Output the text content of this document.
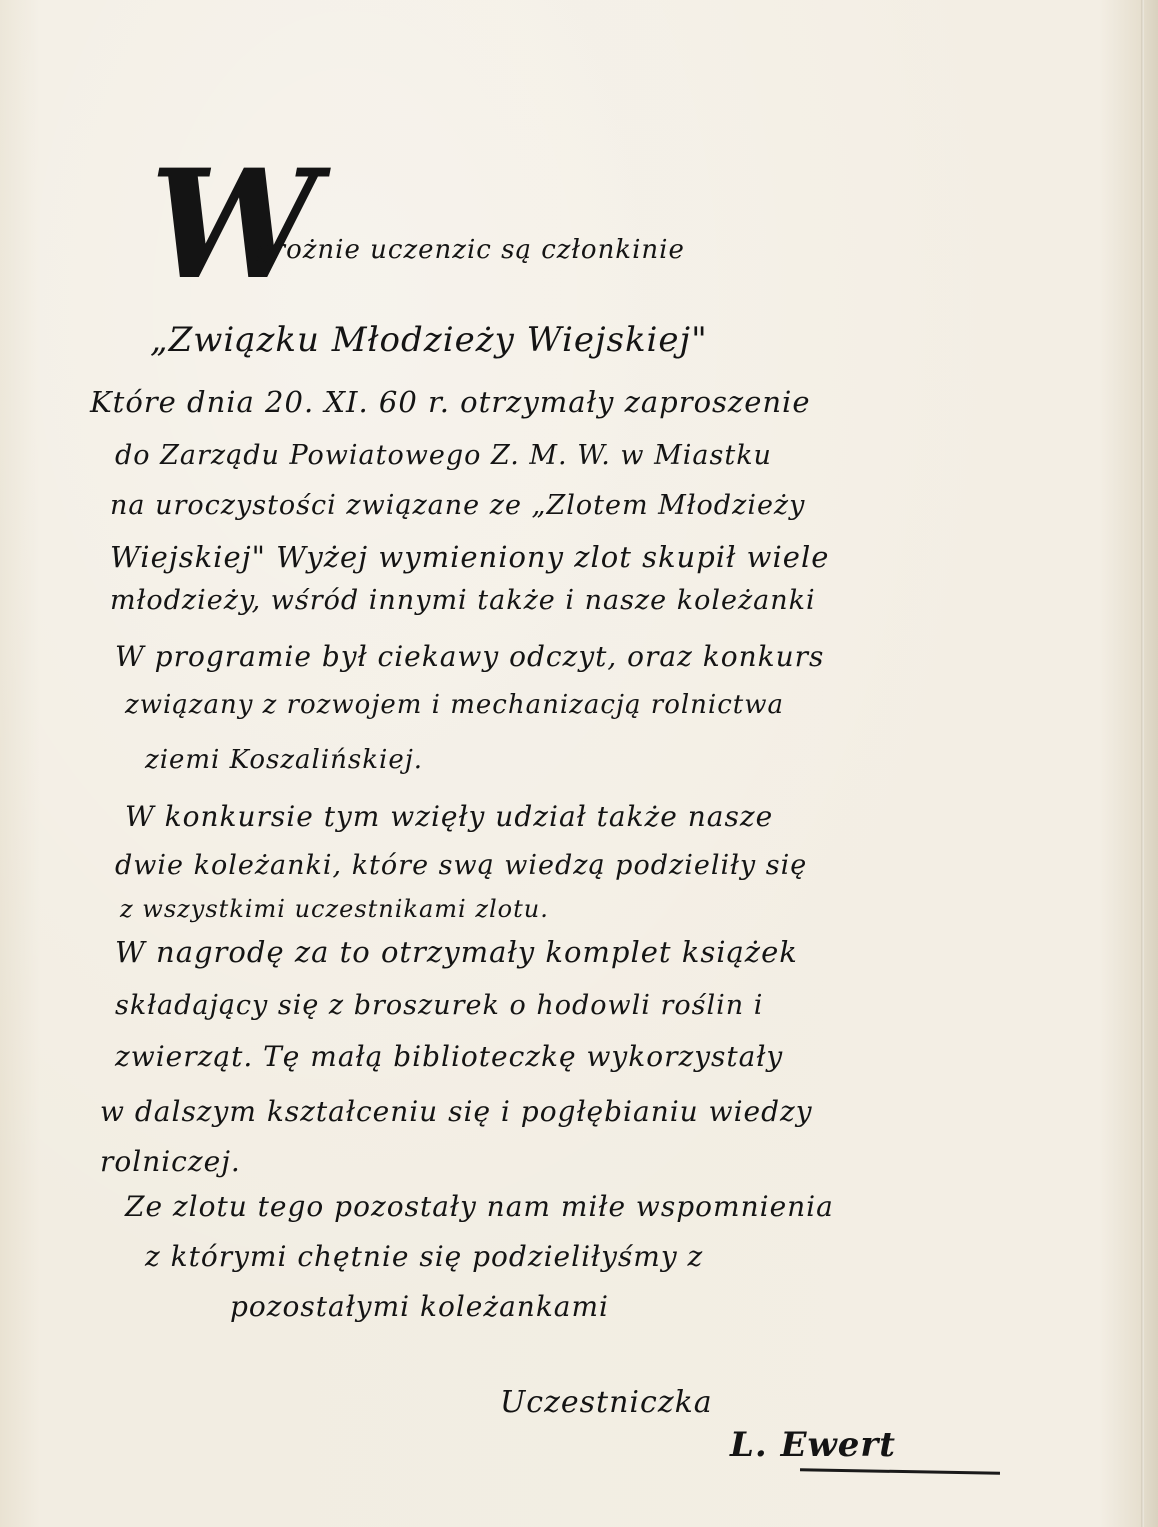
W

grożnie uczenzic są członkinie

„Związku Młodzieży Wiejskiej"

Które dnia 20. XI. 60 r. otrzymały zaproszenie

do Zarządu Powiatowego Z. M. W. w Miastku

na uroczystości związane ze „Zlotem Młodzieży

Wiejskiej" Wyżej wymieniony zlot skupił wiele

młodzieży, wśród innymi także i nasze koleżanki

W programie był ciekawy odczyt, oraz konkurs

związany z rozwojem i mechanizacją rolnictwa

ziemi Koszalińskiej.

W konkursie tym wzięły udział także nasze

dwie koleżanki, które swą wiedzą podzieliły się

z wszystkimi uczestnikami zlotu.

W nagrodę za to otrzymały komplet książek

składający się z broszurek o hodowli roślin i

zwierząt. Tę małą biblioteczkę wykorzystały

w dalszym kształceniu się i pogłębianiu wiedzy

rolniczej.

Ze zlotu tego pozostały nam miłe wspomnienia

z którymi chętnie się podzieliłyśmy z

pozostałymi koleżankami

Uczestniczka

L. Ewert
